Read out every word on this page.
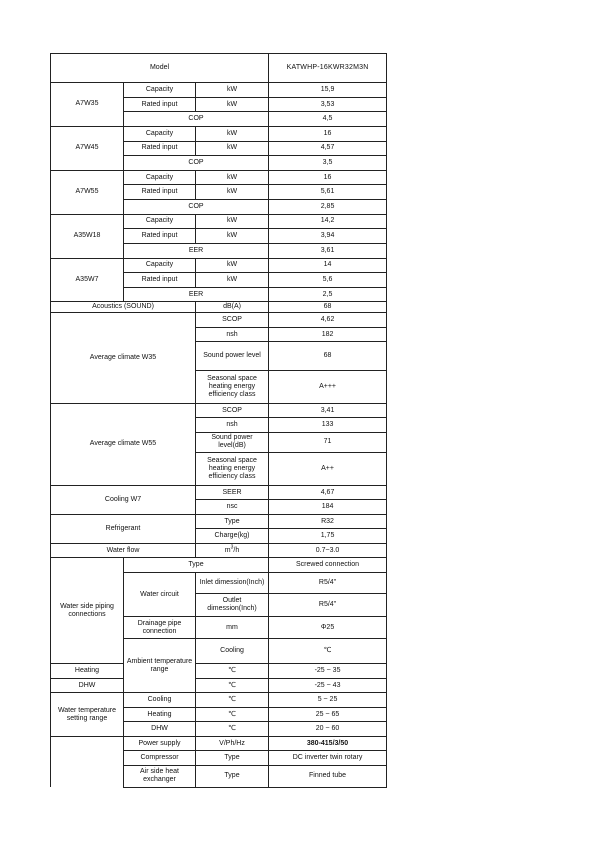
Model			KATWHP-16KWR32M3N	
A7W35	Capacity	kW	15,9	
	Rated input	kW	3,53	
	COP		4,5	
A7W45	Capacity	kW	16	
	Rated input	kW	4,57	
	COP		3,5	
A7W55	Capacity	kW	16	
	Rated input	kW	5,61	
	COP		2,85	
A35W18	Capacity	kW	14,2	
	Rated input	kW	3,94	
	EER		3,61	
A35W7	Capacity	kW	14	
	Rated input	kW	5,6	
	EER		2,5	
Acoustics (SOUND)		dB(A)	68	
Average climate W35		SCOP	4,62	
		nsh	182	
		Sound power level	68	
		Seasonal space heating energy efficiency class	A+++	
Average climate W55		SCOP	3,41	
		nsh	133	
		Sound power level(dB)	71	
		Seasonal space heating energy efficiency class	A++	
Cooling W7		SEER	4,67	
		nsc	184	
Refrigerant		Type	R32	
		Charge(kg)	1,75	
Water flow		$m^3/h$	0.7~3.0	
Water side piping connections	Type		Screwed connection	
	Water circuit	Inlet dimession(Inch)	R5/4"	
		Outlet dimession(Inch)	R5/4"	
	Drainage pipe connection	mm	Φ25	
	Ambient temperature range	Cooling	℃	
Heating		℃	-25 ~ 35	
DHW		℃	-25 ~ 43	
Water temperature setting range	Cooling	℃	5 ~ 25	
	Heating	℃	25 ~ 65	
	DHW	℃	20 ~ 60	
	Power supply	V/Ph/Hz	380-415/3/50	
	Compressor	Type	DC inverter twin rotary	
	Air side heat exchanger	Type	Finned tube	
